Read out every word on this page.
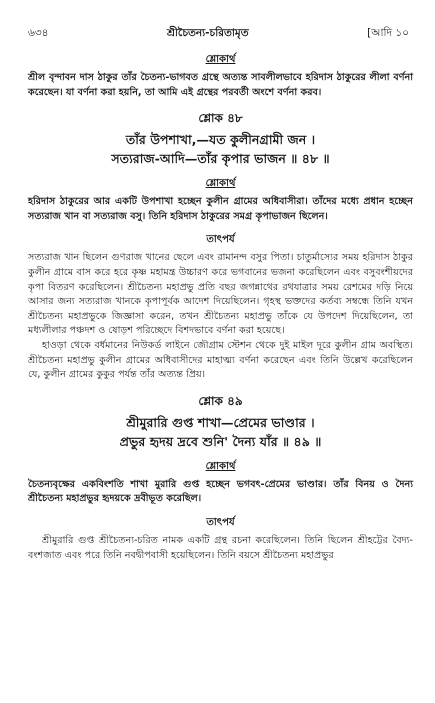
৬৩৪	শ্রীচৈতন্য-চরিতামৃত	[আদি ১০
শ্লোকার্থ

শ্রীল বৃন্দাবন দাস ঠাকুর তাঁর চৈতন্য-ভাগবত গ্রন্থে অত্যন্ত সাবলীলভাবে হরিদাস ঠাকুরের লীলা বর্ণনা করেছেন। যা বর্ণনা করা হয়নি, তা আমি এই গ্রন্থের পরবর্তী অংশে বর্ণনা করব।

শ্লোক ৪৮
তাঁর উপশাখা,—যত কুলীনগ্রামী জন ।
সত্যরাজ-আদি—তাঁর কৃপার ভাজন ॥ ৪৮ ॥
শ্লোকার্থ

হরিদাস ঠাকুরের আর একটি উপশাখা হচ্ছেন কুলীন গ্রামের অধিবাসীরা। তাঁদের মধ্যে প্রধান হচ্ছেন সত্যরাজ খান বা সত্যরাজ বসু। তিনি হরিদাস ঠাকুরের সমগ্র কৃপাভাজন ছিলেন।

তাৎপর্য

সত্যরাজ খান ছিলেন গুণরাজ খানের ছেলে এবং রামানন্দ বসুর পিতা। চাতুর্মাস্যের সময় হরিদাস ঠাকুর কুলীন গ্রামে বাস করে হরে কৃষ্ণ মহামন্ত্র উচ্চারণ করে ভগবানের ভজনা করেছিলেন এবং বসুবংশীয়দের কৃপা বিতরণ করেছিলেন। শ্রীচৈতন্য মহাপ্রভু প্রতি বছর জগন্নাথের রথযাত্রার সময় রেশমের দড়ি নিয়ে আসার জন্য সত্যরাজ খানকে কৃপাপূর্বক আদেশ দিয়েছিলেন। গৃহস্থ ভক্তদের কর্তব্য সম্বন্ধে তিনি যখন শ্রীচৈতন্য মহাপ্রভুকে জিজ্ঞাসা করেন, তখন শ্রীচৈতন্য মহাপ্রভু তাঁকে যে উপদেশ দিয়েছিলেন, তা মধ্যলীলার পঞ্চদশ ও ষোড়শ পরিচ্ছেদে বিশদভাবে বর্ণনা করা হয়েছে।

হাওড়া থেকে বর্ধমানের নিউকর্ড লাইনে জৌগ্রাম স্টেশন থেকে দুই মাইল দূরে কুলীন গ্রাম অবস্থিত। শ্রীচৈতন্য মহাপ্রভু কুলীন গ্রামের অধিবাসীদের মাহাত্ম্য বর্ণনা করেছেন এবং তিনি উল্লেখ করেছিলেন যে, কুলীন গ্রামের কুকুর পর্যন্ত তাঁর অত্যন্ত প্রিয়।

শ্লোক ৪৯
শ্রীমুরারি গুপ্ত শাখা—প্রেমের ভাণ্ডার ।
প্রভুর হৃদয় দ্রবে শুনি' দৈন্য যাঁর ॥ ৪৯ ॥
শ্লোকার্থ

চৈতন্যবৃক্ষের একবিংশতি শাখা মুরারি গুপ্ত হচ্ছেন ভগবৎ-প্রেমের ভাণ্ডার। তাঁর বিনয় ও দৈন্য শ্রীচৈতন্য মহাপ্রভুর হৃদয়কে দ্রবীভূত করেছিল।

তাৎপর্য

শ্রীমুরারি গুপ্ত শ্রীচৈতন্য-চরিত নামক একটি গ্রন্থ রচনা করেছিলেন। তিনি ছিলেন শ্রীহট্টের বৈদ্য-বংশজাত এবং পরে তিনি নবদ্বীপবাসী হয়েছিলেন। তিনি বয়সে শ্রীচৈতন্য মহাপ্রভুর
